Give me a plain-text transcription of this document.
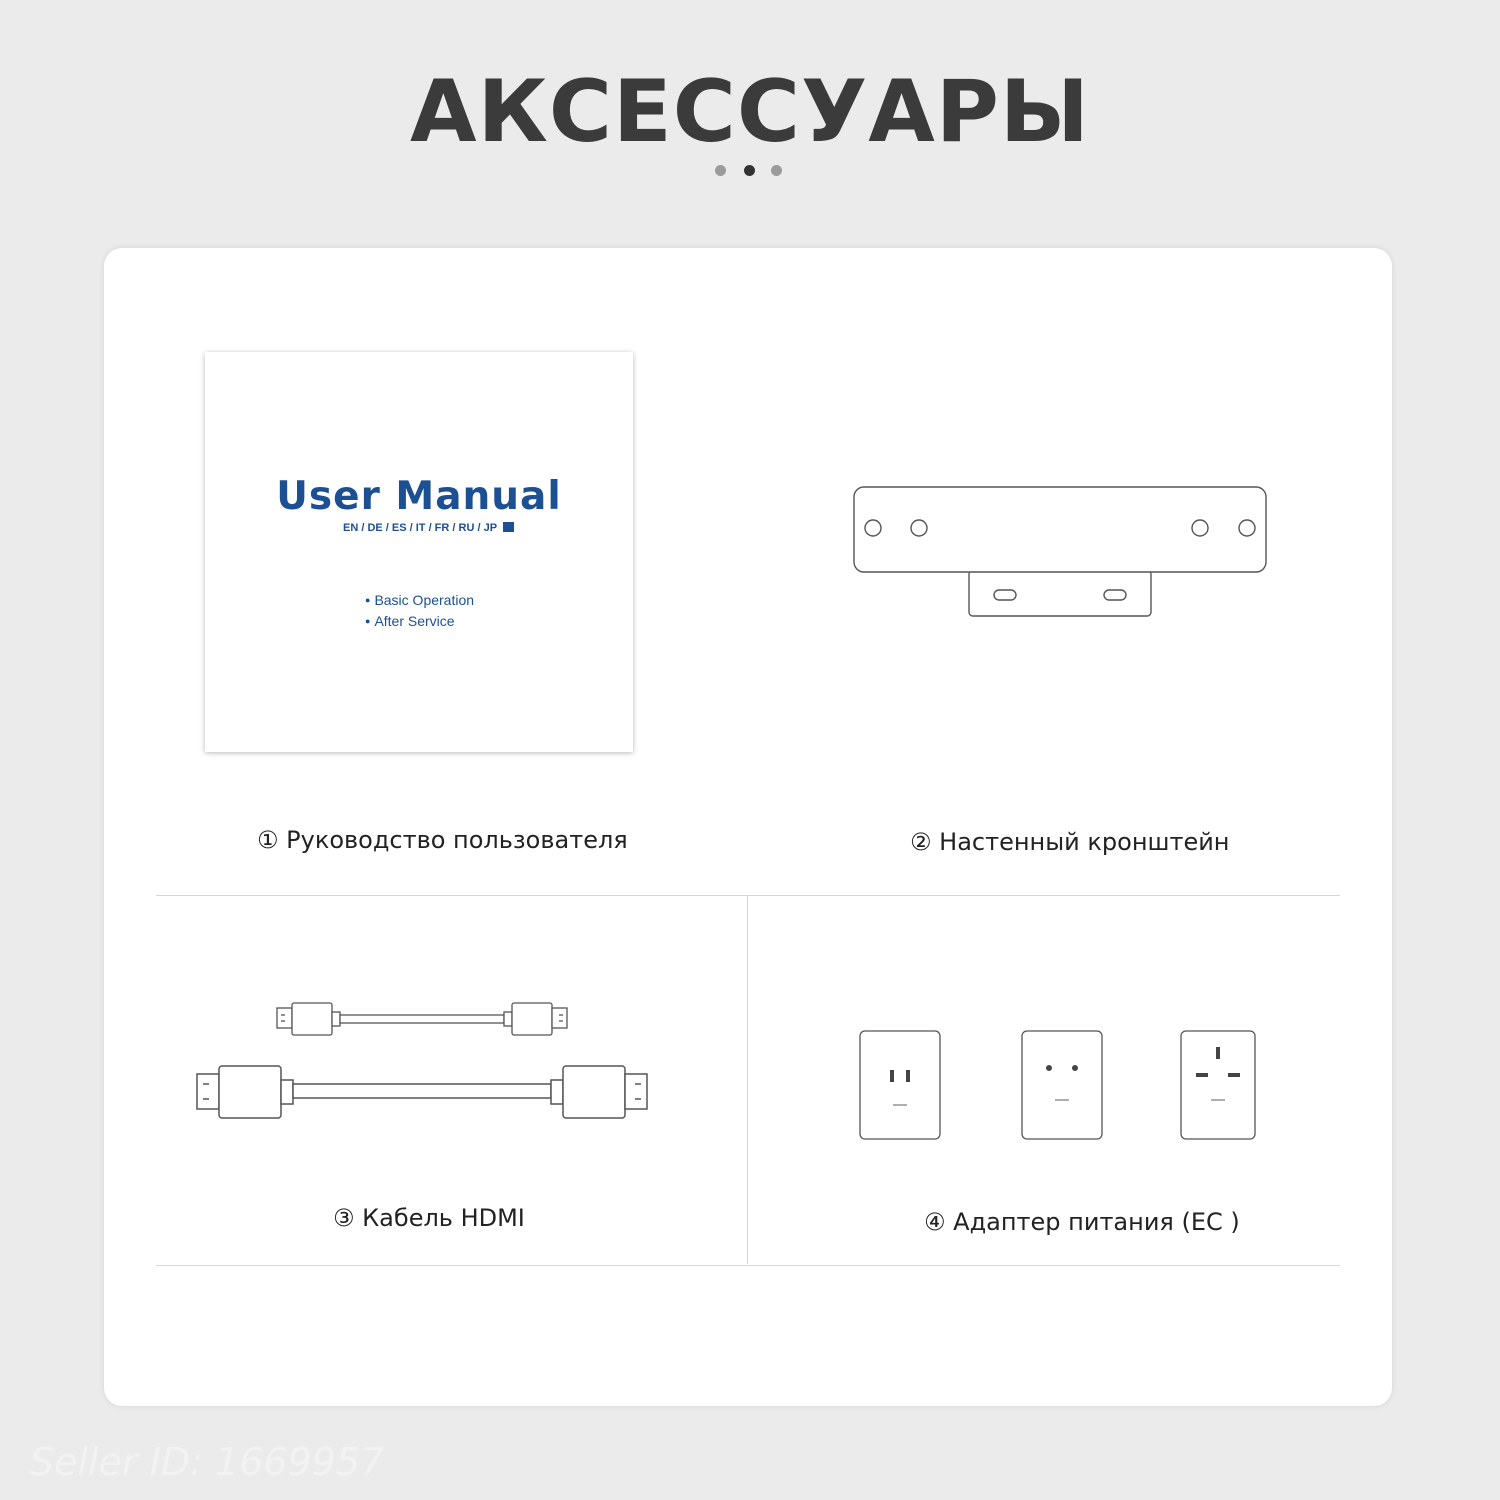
АКСЕССУАРЫ
User Manual
EN / DE / ES / IT / FR / RU / JP
● Basic Operation
● After Service
① Руководство пользователя	② Настенный кронштейн
③ Кабель HDMI	④ Адаптер питания (ЕС )
Seller ID: 1669957
